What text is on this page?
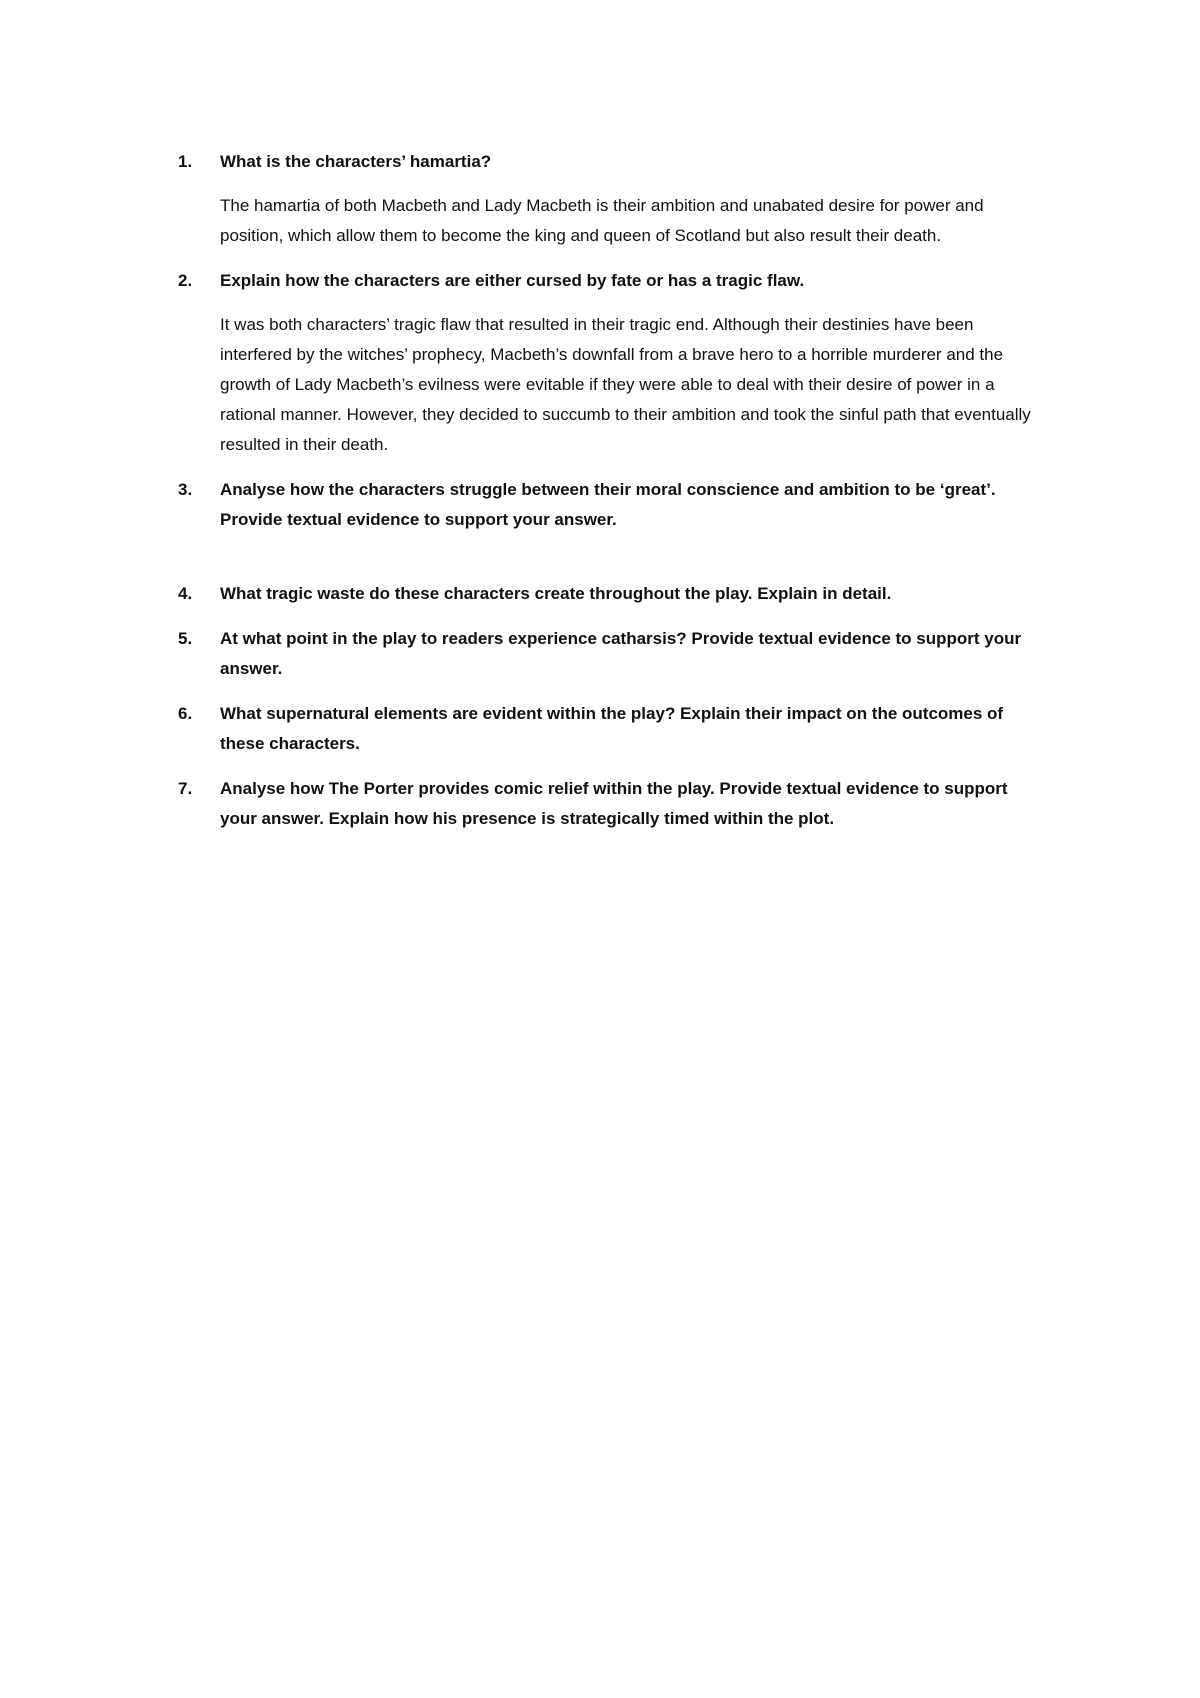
1. What is the characters’ hamartia?
The hamartia of both Macbeth and Lady Macbeth is their ambition and unabated desire for power and position, which allow them to become the king and queen of Scotland but also result their death.
2. Explain how the characters are either cursed by fate or has a tragic flaw.
It was both characters’ tragic flaw that resulted in their tragic end. Although their destinies have been interfered by the witches’ prophecy, Macbeth’s downfall from a brave hero to a horrible murderer and the growth of Lady Macbeth’s evilness were evitable if they were able to deal with their desire of power in a rational manner. However, they decided to succumb to their ambition and took the sinful path that eventually resulted in their death.
3. Analyse how the characters struggle between their moral conscience and ambition to be ‘great’. Provide textual evidence to support your answer.
4. What tragic waste do these characters create throughout the play. Explain in detail.
5. At what point in the play to readers experience catharsis? Provide textual evidence to support your answer.
6. What supernatural elements are evident within the play? Explain their impact on the outcomes of these characters.
7. Analyse how The Porter provides comic relief within the play. Provide textual evidence to support your answer. Explain how his presence is strategically timed within the plot.
